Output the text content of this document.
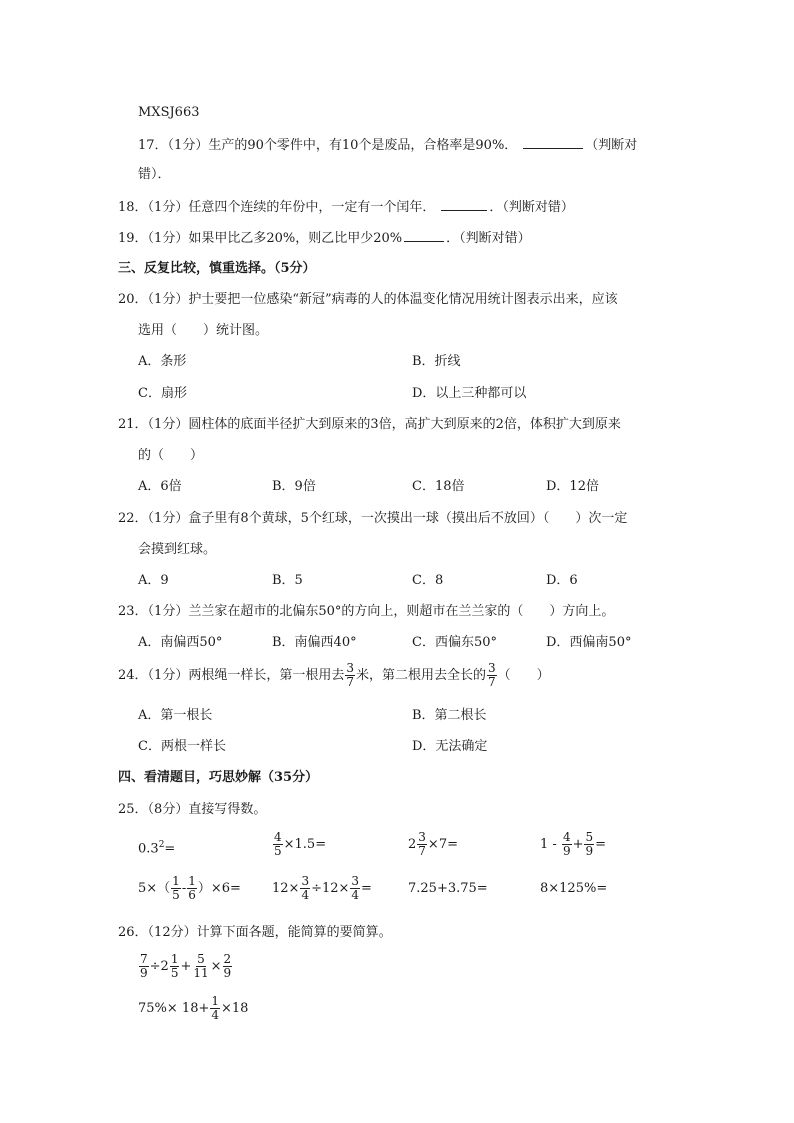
MXSJ663
17．（1分）生产的90个零件中，有10个是废品，合格率是90%．	（判断对
错）．
18．（1分）任意四个连续的年份中，一定有一个闰年．	．（判断对错）
19．（1分）如果甲比乙多20%，则乙比甲少20%	．（判断对错）
三、反复比较，慎重选择。（5分）
20．（1分）护士要把一位感染“新冠”病毒的人的体温变化情况用统计图表示出来，应该
选用（　　）统计图。
A．条形	B．折线
C．扇形	D．以上三种都可以
21．（1分）圆柱体的底面半径扩大到原来的3倍，高扩大到原来的2倍，体积扩大到原来
的（　　）
A．6倍	B．9倍	C．18倍	D．12倍
22．（1分）盒子里有8个黄球，5个红球，一次摸出一球（摸出后不放回）（　　）次一定
会摸到红球。
A．9	B．5	C．8	D．6
23．（1分）兰兰家在超市的北偏东50°的方向上，则超市在兰兰家的（　　）方向上。
A．南偏西50°	B．南偏西40°	C．西偏东50°	D．西偏南50°
24．（1分）两根绳一样长，第一根用去 $\frac{3}{7}$ 米，第二根用去全长的 $\frac{3}{7}$ （　　）
A．第一根长	B．第二根长
C．两根一样长	D．无法确定
四、看清题目，巧思妙解（35分）
25．（8分）直接写得数。
$0.3^2=$	$\frac{4}{5} \times 1.5=$	$2 \frac{3}{7} \times 7=$	$1 - \frac{4}{9} + \frac{5}{9}$ =
$5\times( \frac{1}{5} - \frac{1}{6} )\times 6= 12\times \frac{3}{4} \div 12\times \frac{3}{4}$ =	7.25+3.75=	8×125%=
26．（12分）计算下面各题，能简算的要简算。
$\frac{7}{9} \div 2 \frac{1}{5} + \frac{5}{11} \times \frac{2}{9}$
$75\%\times 18+ \frac{1}{4} \times 18$
